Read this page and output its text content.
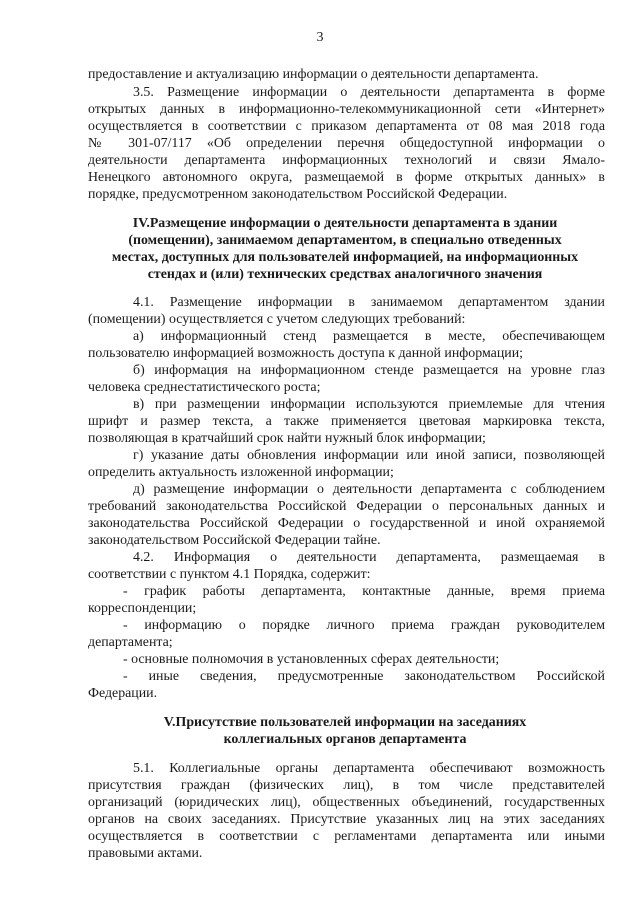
3
предоставление и актуализацию информации о деятельности департамента.
3.5. Размещение информации о деятельности департамента в форме
открытых данных в информационно-телекоммуникационной сети «Интернет»
осуществляется в соответствии с приказом департамента от 08 мая 2018 года
№ 301-07/117 «Об определении перечня общедоступной информации о
деятельности департамента информационных технологий и связи Ямало-
Ненецкого автономного округа, размещаемой в форме открытых данных» в
порядке, предусмотренном законодательством Российской Федерации.
IV.Размещение информации о деятельности департамента в здании
(помещении), занимаемом департаментом, в специально отведенных
местах, доступных для пользователей информацией, на информационных
стендах и (или) технических средствах аналогичного значения
4.1. Размещение информации в занимаемом департаментом здании
(помещении) осуществляется с учетом следующих требований:
а) информационный стенд размещается в месте, обеспечивающем
пользователю информацией возможность доступа к данной информации;
б) информация на информационном стенде размещается на уровне глаз
человека среднестатистического роста;
в) при размещении информации используются приемлемые для чтения
шрифт и размер текста, а также применяется цветовая маркировка текста,
позволяющая в кратчайший срок найти нужный блок информации;
г) указание даты обновления информации или иной записи, позволяющей
определить актуальность изложенной информации;
д) размещение информации о деятельности департамента с соблюдением
требований законодательства Российской Федерации о персональных данных и
законодательства Российской Федерации о государственной и иной охраняемой
законодательством Российской Федерации тайне.
4.2. Информация о деятельности департамента, размещаемая в
соответствии с пунктом 4.1 Порядка, содержит:
- график работы департамента, контактные данные, время приема
корреспонденции;
- информацию о порядке личного приема граждан руководителем
департамента;
- основные полномочия в установленных сферах деятельности;
- иные сведения, предусмотренные законодательством Российской
Федерации.
V.Присутствие пользователей информации на заседаниях
коллегиальных органов департамента
5.1. Коллегиальные органы департамента обеспечивают возможность
присутствия граждан (физических лиц), в том числе представителей
организаций (юридических лиц), общественных объединений, государственных
органов на своих заседаниях. Присутствие указанных лиц на этих заседаниях
осуществляется в соответствии с регламентами департамента или иными
правовыми актами.
